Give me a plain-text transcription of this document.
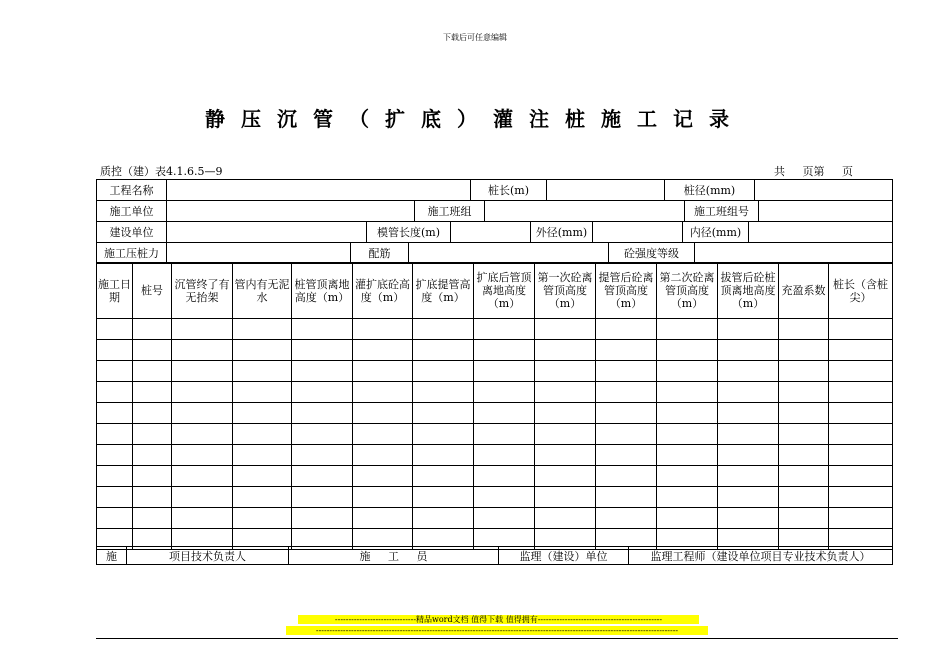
下载后可任意编辑
静压沉管（扩底）灌注桩施工记录
质控（建）表4.1.6.5—9	共 页第 页
工程名称		桩长(m)		桩径(mm)	
施工单位		施工班组		施工班组号	
建设单位		模管长度(m)		外径(mm)		内径(mm)	
施工压桩力		配筋		砼强度等级	
施工日期	桩号	沉管终了有无抬架	管内有无泥水	桩管顶离地高度（m）	灌扩底砼高度（m）	扩底提管高度（m）	扩底后管顶离地高度（m）	第一次砼离管顶高度（m）	提管后砼离管顶高度（m）	第二次砼离管顶高度（m）	拔管后砼桩顶离地高度（m）	充盈系数	桩长（含桩尖）

施	项目技术负责人	施 工 员	监理（建设）单位	监理工程师（建设单位项目专业技术负责人）
------------------------------精品word文档 值得下载 值得拥有----------------------------------------------
--------------------------------------------------------------------------------------------------------------------------------------
